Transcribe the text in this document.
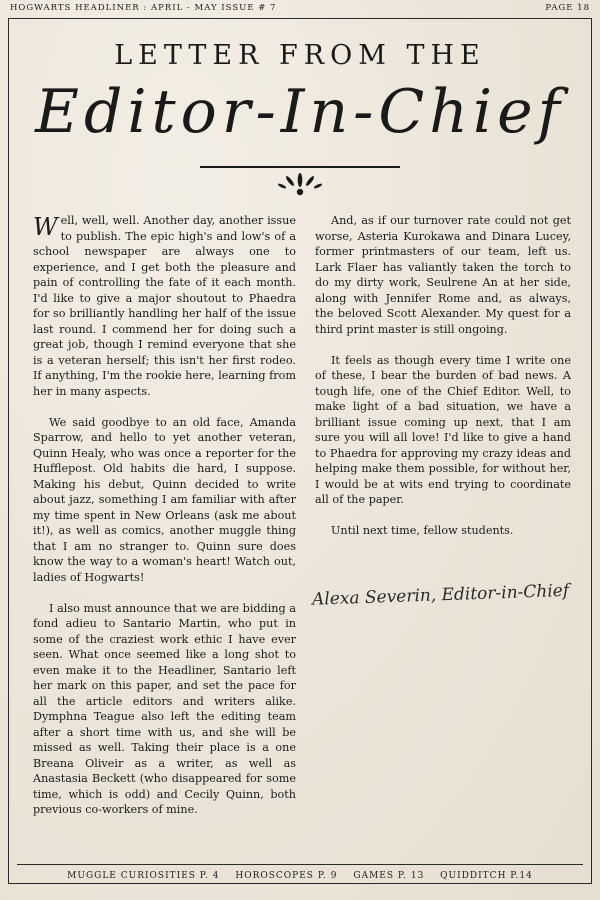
HOGWARTS HEADLINER : APRIL - MAY ISSUE # 7	PAGE 18
LETTER FROM THE
Editor-In-Chief

Well, well, well. Another day, another issue to publish. The epic high's and low's of a school newspaper are always one to experience, and I get both the pleasure and pain of controlling the fate of it each month. I'd like to give a major shoutout to Phaedra for so brilliantly handling her half of the issue last round. I commend her for doing such a great job, though I remind everyone that she is a veteran herself; this isn't her first rodeo. If anything, I'm the rookie here, learning from her in many aspects.

We said goodbye to an old face, Amanda Sparrow, and hello to yet another veteran, Quinn Healy, who was once a reporter for the Hufflepost. Old habits die hard, I suppose. Making his debut, Quinn decided to write about jazz, something I am familiar with after my time spent in New Orleans (ask me about it!), as well as comics, another muggle thing that I am no stranger to. Quinn sure does know the way to a woman's heart! Watch out, ladies of Hogwarts!

I also must announce that we are bidding a fond adieu to Santario Martin, who put in some of the craziest work ethic I have ever seen. What once seemed like a long shot to even make it to the Headliner, Santario left her mark on this paper, and set the pace for all the article editors and writers alike. Dymphna Teague also left the editing team after a short time with us, and she will be missed as well. Taking their place is a one Breana Oliveir as a writer, as well as Anastasia Beckett (who disappeared for some time, which is odd) and Cecily Quinn, both previous co-workers of mine.

And, as if our turnover rate could not get worse, Asteria Kurokawa and Dinara Lucey, former printmasters of our team, left us. Lark Flaer has valiantly taken the torch to do my dirty work, Seulrene An at her side, along with Jennifer Rome and, as always, the beloved Scott Alexander. My quest for a third print master is still ongoing.

It feels as though every time I write one of these, I bear the burden of bad news. A tough life, one of the Chief Editor. Well, to make light of a bad situation, we have a brilliant issue coming up next, that I am sure you will all love! I'd like to give a hand to Phaedra for approving my crazy ideas and helping make them possible, for without her, I would be at wits end trying to coordinate all of the paper.

Until next time, fellow students.

Alexa Severin, Editor-in-Chief
MUGGLE CURIOSITIES P. 4 HOROSCOPES P. 9 GAMES P. 13 QUIDDITCH P.14
